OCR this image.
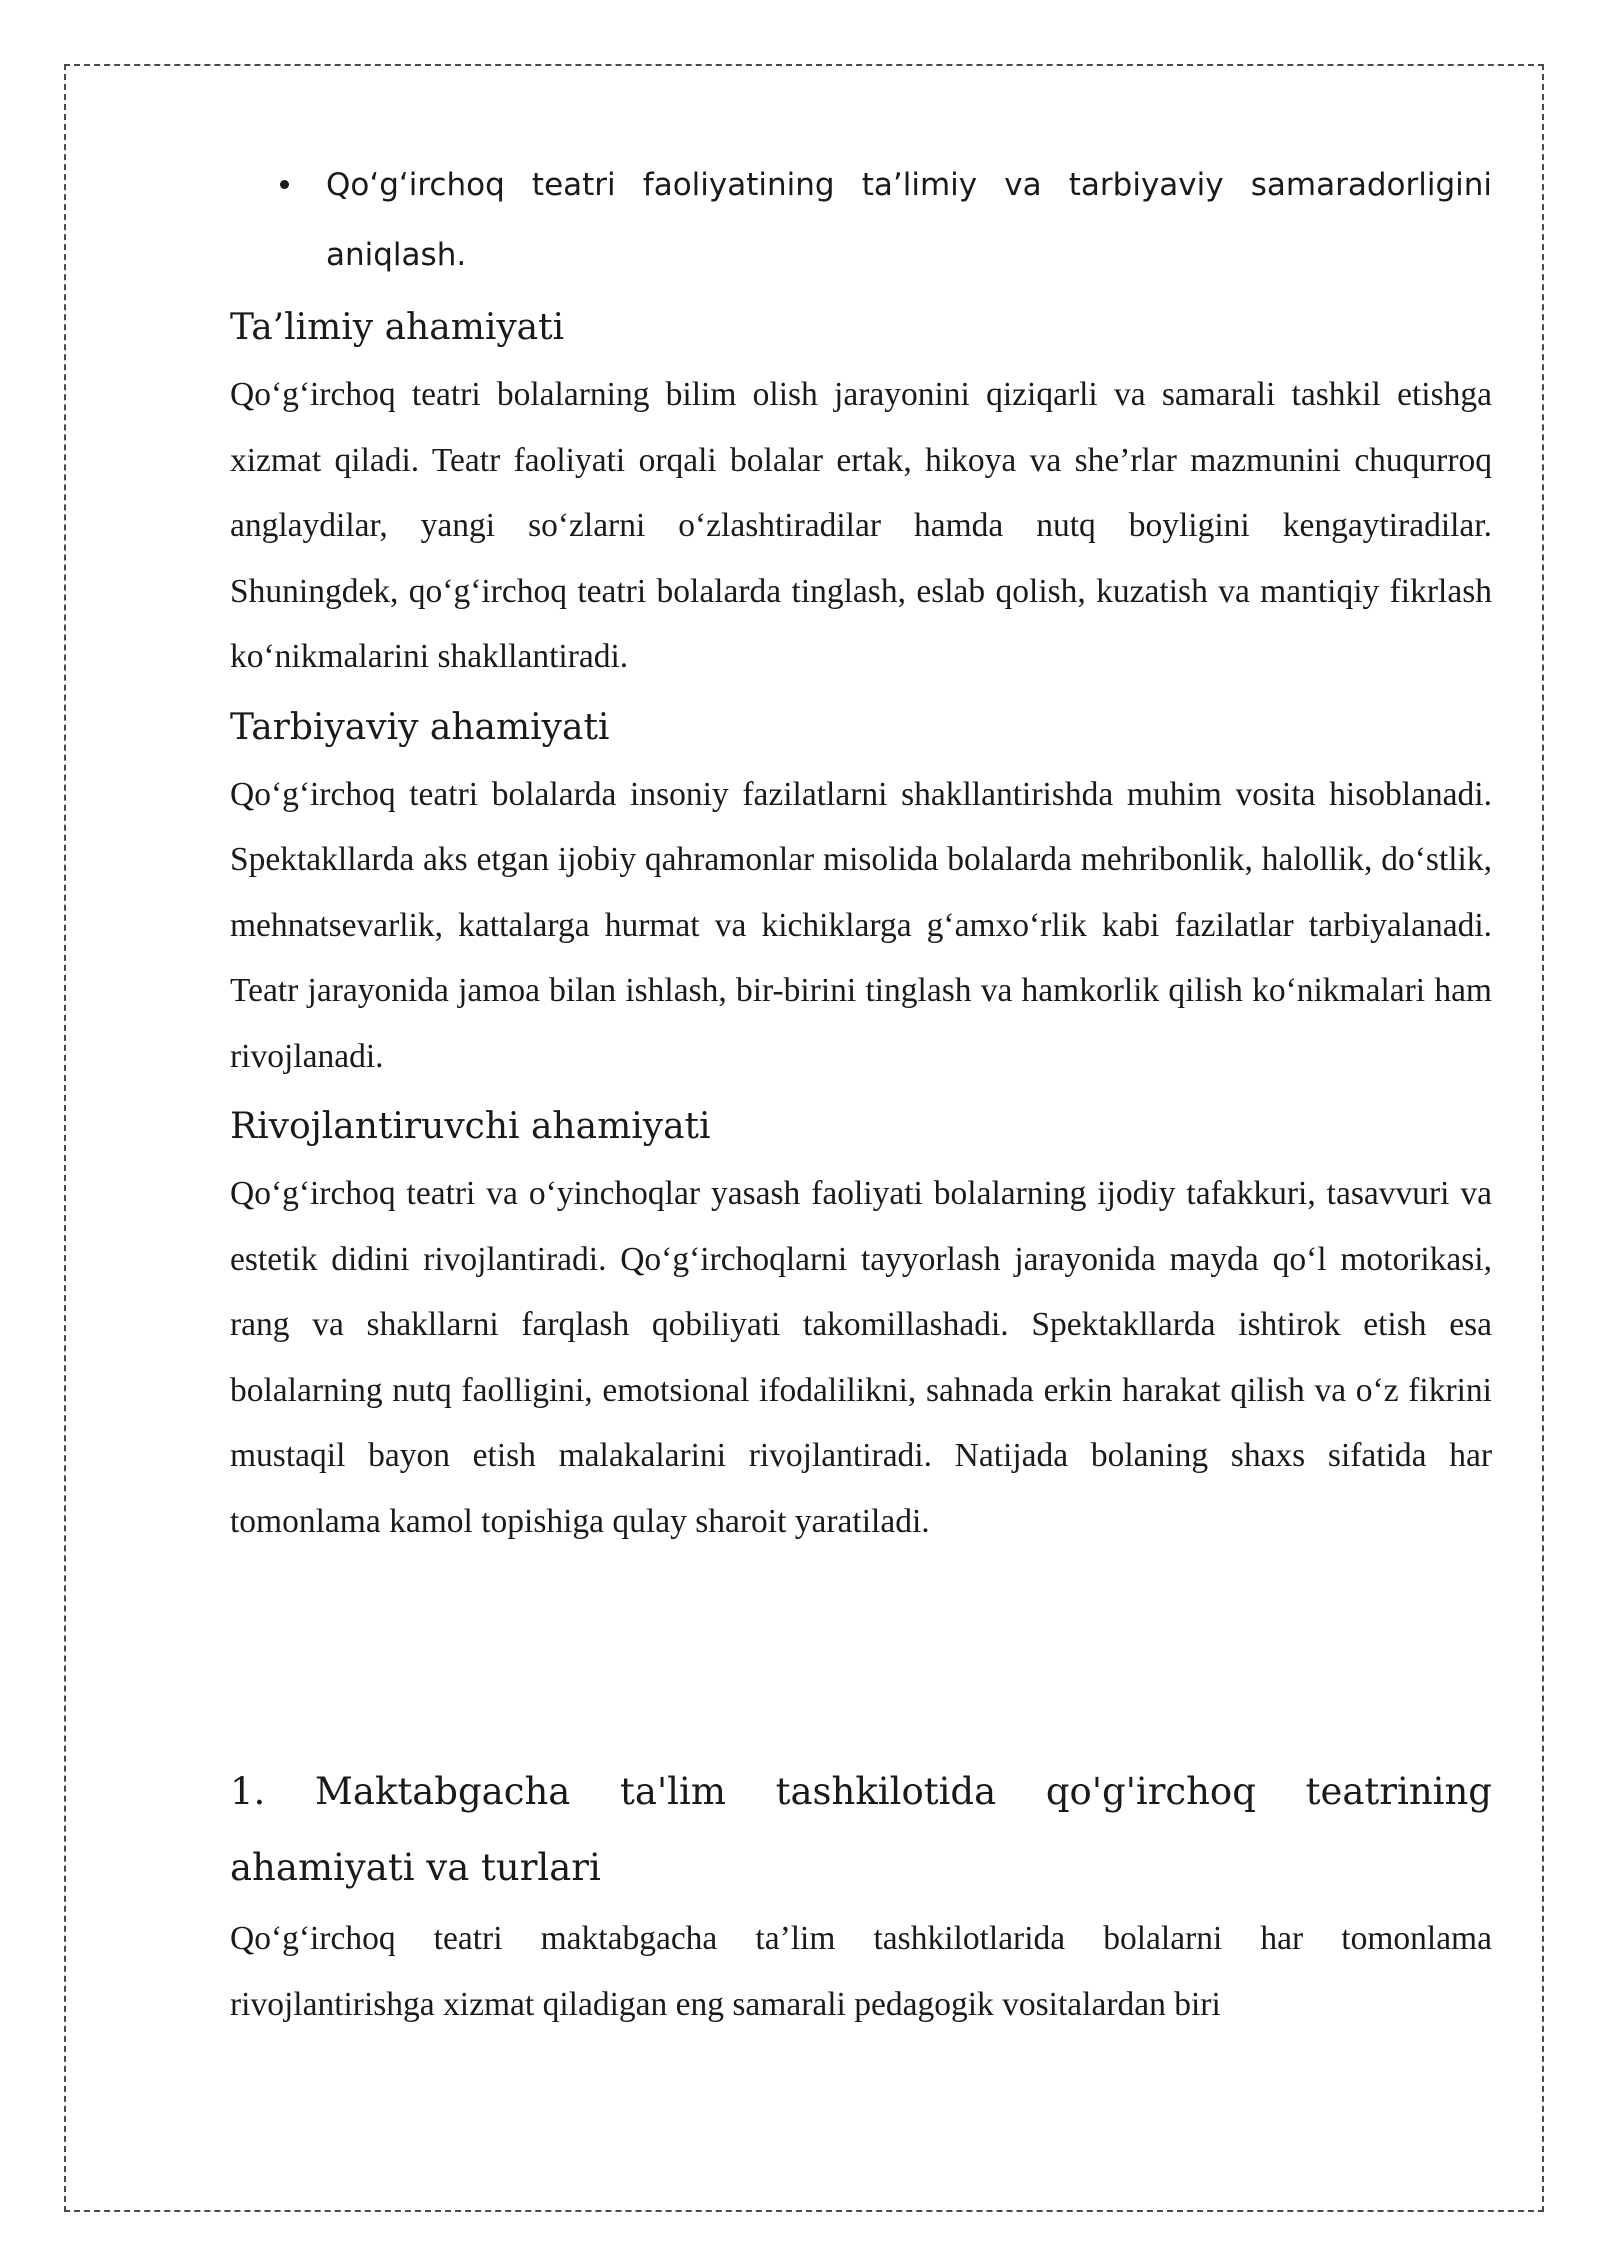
Qo‘g‘irchoq teatri faoliyatining ta’limiy va tarbiyaviy samaradorligini aniqlash.
Ta’limiy ahamiyati

Qo‘g‘irchoq teatri bolalarning bilim olish jarayonini qiziqarli va samarali tashkil etishga xizmat qiladi. Teatr faoliyati orqali bolalar ertak, hikoya va she’rlar mazmunini chuqurroq anglaydilar, yangi so‘zlarni o‘zlashtiradilar hamda nutq boyligini kengaytiradilar. Shuningdek, qo‘g‘irchoq teatri bolalarda tinglash, eslab qolish, kuzatish va mantiqiy fikrlash ko‘nikmalarini shakllantiradi.

Tarbiyaviy ahamiyati

Qo‘g‘irchoq teatri bolalarda insoniy fazilatlarni shakllantirishda muhim vosita hisoblanadi. Spektakllarda aks etgan ijobiy qahramonlar misolida bolalarda mehribonlik, halollik, do‘stlik, mehnatsevarlik, kattalarga hurmat va kichiklarga g‘amxo‘rlik kabi fazilatlar tarbiyalanadi. Teatr jarayonida jamoa bilan ishlash, bir-birini tinglash va hamkorlik qilish ko‘nikmalari ham rivojlanadi.

Rivojlantiruvchi ahamiyati

Qo‘g‘irchoq teatri va o‘yinchoqlar yasash faoliyati bolalarning ijodiy tafakkuri, tasavvuri va estetik didini rivojlantiradi. Qo‘g‘irchoqlarni tayyorlash jarayonida mayda qo‘l motorikasi, rang va shakllarni farqlash qobiliyati takomillashadi. Spektakllarda ishtirok etish esa bolalarning nutq faolligini, emotsional ifodalilikni, sahnada erkin harakat qilish va o‘z fikrini mustaqil bayon etish malakalarini rivojlantiradi. Natijada bolaning shaxs sifatida har tomonlama kamol topishiga qulay sharoit yaratiladi.

1. Maktabgacha ta'lim tashkilotida qo'g'irchoq teatrining ahamiyati va turlari

Qo‘g‘irchoq teatri maktabgacha ta’lim tashkilotlarida bolalarni har tomonlama rivojlantirishga xizmat qiladigan eng samarali pedagogik vositalardan biri
